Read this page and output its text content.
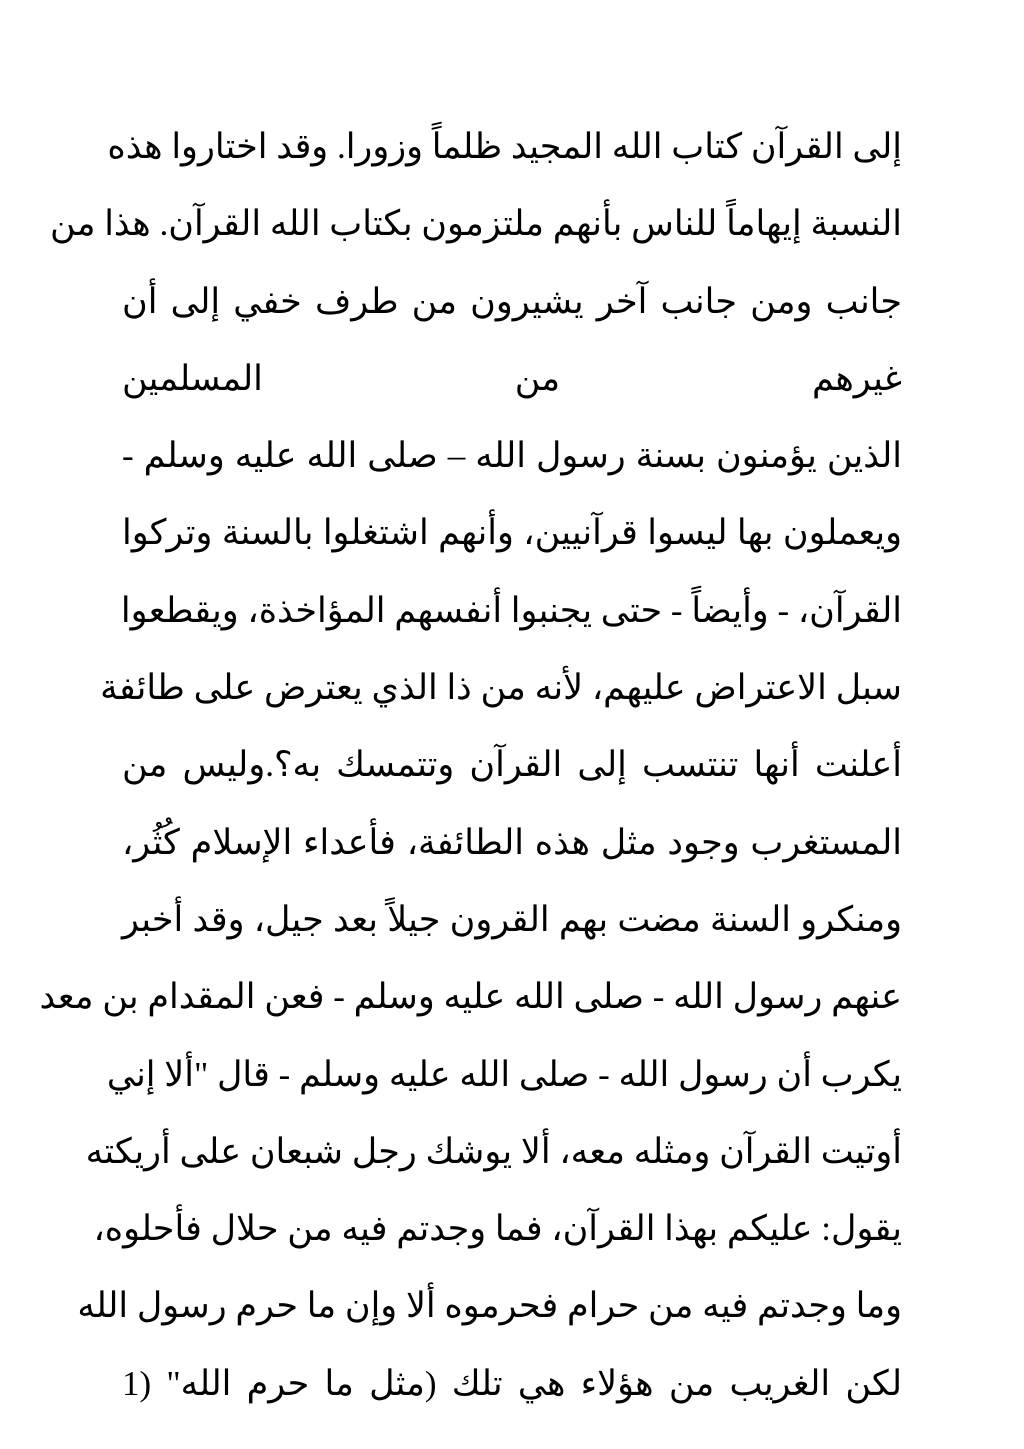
إلى القرآن كتاب الله المجيد ظلماً وزورا. وقد اختاروا هذه
النسبة إيهاماً للناس بأنهم ملتزمون بكتاب الله القرآن. هذا من
جانب ومن جانب آخر يشيرون من طرف خفي إلى أن
غيرهم من المسلمين
الذين يؤمنون بسنة رسول الله – صلى الله عليه وسلم -
ويعملون بها ليسوا قرآنيين، وأنهم اشتغلوا بالسنة وتركوا
القرآن، - وأيضاً - حتى يجنبوا أنفسهم المؤاخذة، ويقطعوا
سبل الاعتراض عليهم، لأنه من ذا الذي يعترض على طائفة
أعلنت أنها تنتسب إلى القرآن وتتمسك به؟.وليس من
المستغرب وجود مثل هذه الطائفة، فأعداء الإسلام كُثُر،
ومنكرو السنة مضت بهم القرون جيلاً بعد جيل، وقد أخبر
عنهم رسول الله - صلى الله عليه وسلم - فعن المقدام بن معد
يكرب أن رسول الله - صلى الله عليه وسلم - قال "ألا إني
أوتيت القرآن ومثله معه، ألا يوشك رجل شبعان على أريكته
يقول: عليكم بهذا القرآن، فما وجدتم فيه من حلال فأحلوه،
وما وجدتم فيه من حرام فحرموه ألا وإن ما حرم رسول الله
لكن الغريب من هؤلاء هي تلك (مثل ما حرم الله" (1
